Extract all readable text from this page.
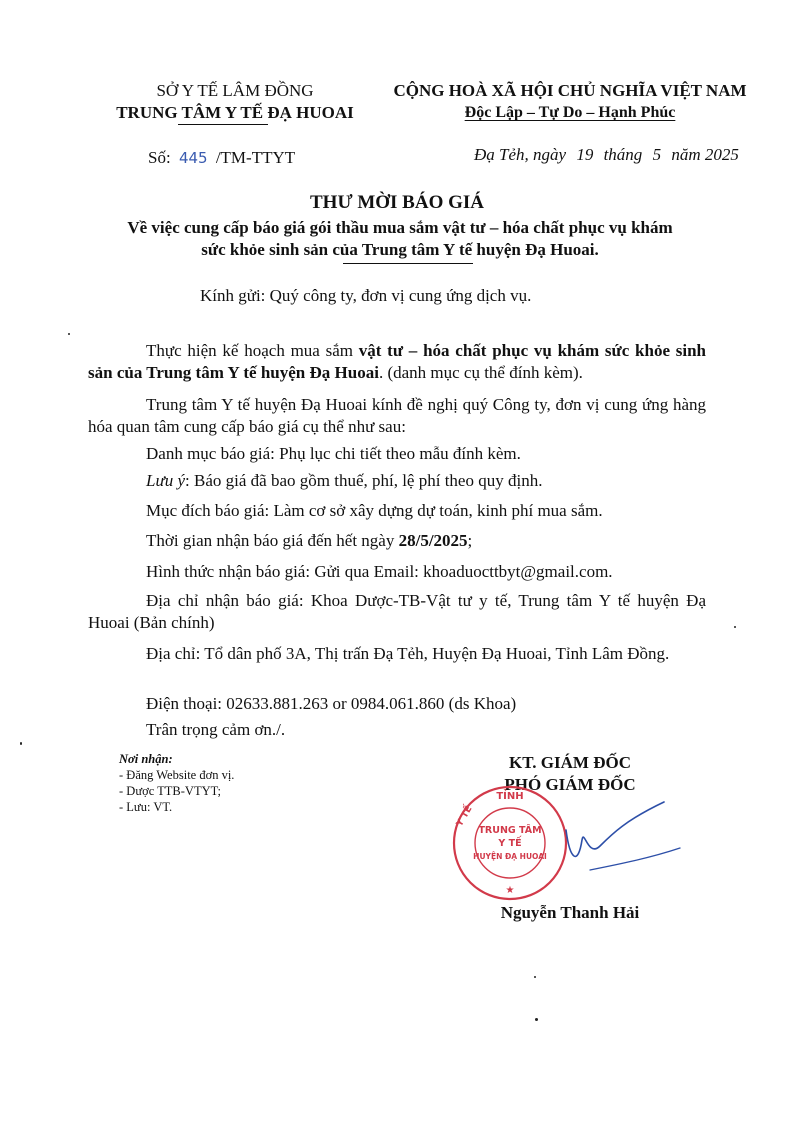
SỞ Y TẾ LÂM ĐỒNG
TRUNG TÂM Y TẾ ĐẠ HUOAI
CỘNG HOÀ XÃ HỘI CHỦ NGHĨA VIỆT NAM
Độc Lập – Tự Do – Hạnh Phúc
Số: 445 /TM-TTYT	Đạ Tẻh, ngày 19 tháng 5 năm 2025
THƯ MỜI BÁO GIÁ
Về việc cung cấp báo giá gói thầu mua sắm vật tư – hóa chất phục vụ khám
sức khỏe sinh sản của Trung tâm Y tế huyện Đạ Huoai.
Kính gửi: Quý công ty, đơn vị cung ứng dịch vụ.
Thực hiện kế hoạch mua sắm vật tư – hóa chất phục vụ khám sức khỏe sinh sản của Trung tâm Y tế huyện Đạ Huoai. (danh mục cụ thể đính kèm).
Trung tâm Y tế huyện Đạ Huoai kính đề nghị quý Công ty, đơn vị cung ứng hàng hóa quan tâm cung cấp báo giá cụ thể như sau:
Danh mục báo giá: Phụ lục chi tiết theo mẫu đính kèm.
Lưu ý: Báo giá đã bao gồm thuế, phí, lệ phí theo quy định.
Mục đích báo giá: Làm cơ sở xây dựng dự toán, kinh phí mua sắm.
Thời gian nhận báo giá đến hết ngày 28/5/2025;
Hình thức nhận báo giá: Gửi qua Email: khoaduocttbyt@gmail.com.
Địa chỉ nhận báo giá: Khoa Dược-TB-Vật tư y tế, Trung tâm Y tế huyện Đạ Huoai (Bản chính)
Địa chỉ: Tổ dân phố 3A, Thị trấn Đạ Tẻh, Huyện Đạ Huoai, Tỉnh Lâm Đồng.
Điện thoại: 02633.881.263 or 0984.061.860 (ds Khoa)
Trân trọng cảm ơn./.
Nơi nhận:
- Đăng Website đơn vị.
- Dược TTB-VTYT;
- Lưu: VT.
KT. GIÁM ĐỐC
PHÓ GIÁM ĐỐC
TỈNH
Y TẾ
TRUNG TÂM
Y TẾ
HUYỆN ĐẠ HUOAI
★
Nguyễn Thanh Hải
